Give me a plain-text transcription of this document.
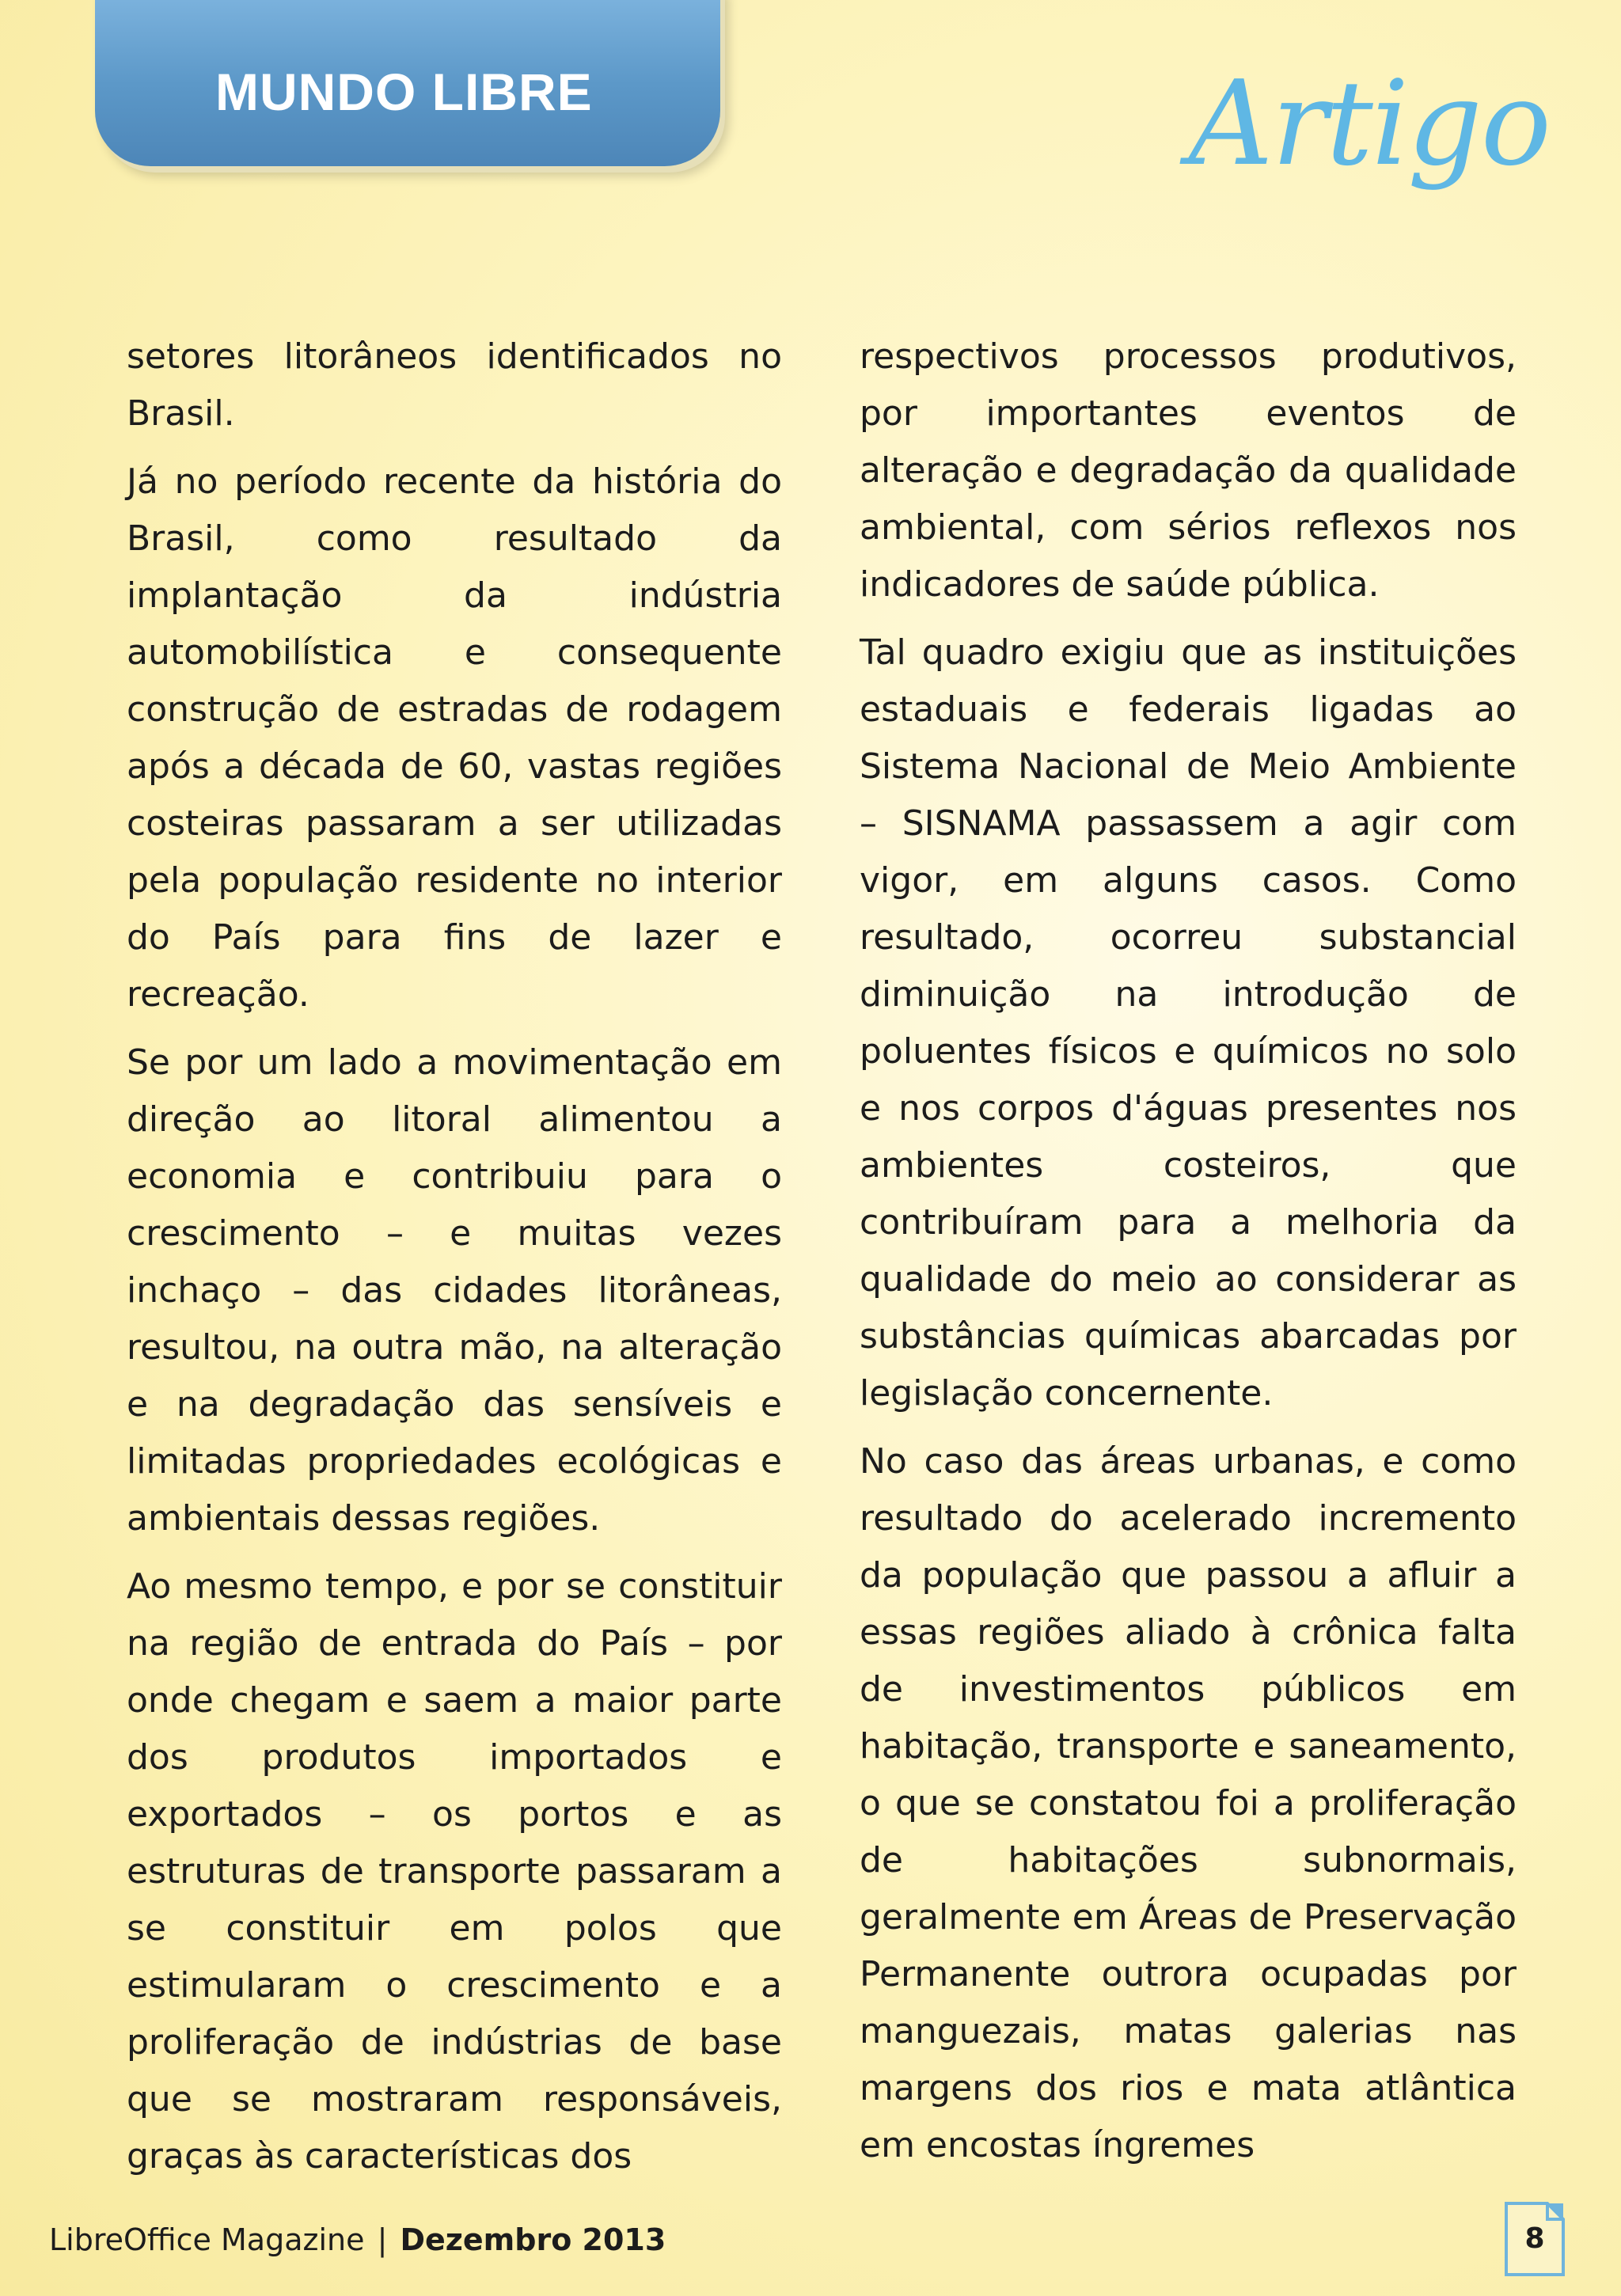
MUNDO LIBRE	Artigo

setores litorâneos identificados no Brasil.

Já no período recente da história do Brasil, como resultado da implantação da indústria automobilística e consequente construção de estradas de rodagem após a década de 60, vastas regiões costeiras passaram a ser utilizadas pela população residente no interior do País para fins de lazer e recreação.

Se por um lado a movimentação em direção ao litoral alimentou a economia e contribuiu para o crescimento – e muitas vezes inchaço – das cidades litorâneas, resultou, na outra mão, na alteração e na degradação das sensíveis e limitadas propriedades ecológicas e ambientais dessas regiões.

Ao mesmo tempo, e por se constituir na região de entrada do País – por onde chegam e saem a maior parte dos produtos importados e exportados – os portos e as estruturas de transporte passaram a se constituir em polos que estimularam o crescimento e a proliferação de indústrias de base que se mostraram responsáveis, graças às características dos

respectivos processos produtivos, por importantes eventos de alteração e degradação da qualidade ambiental, com sérios reflexos nos indicadores de saúde pública.

Tal quadro exigiu que as instituições estaduais e federais ligadas ao Sistema Nacional de Meio Ambiente – SISNAMA passassem a agir com vigor, em alguns casos. Como resultado, ocorreu substancial diminuição na introdução de poluentes físicos e químicos no solo e nos corpos d'águas presentes nos ambientes costeiros, que contribuíram para a melhoria da qualidade do meio ao considerar as substâncias químicas abarcadas por legislação concernente.

No caso das áreas urbanas, e como resultado do acelerado incremento da população que passou a afluir a essas regiões aliado à crônica falta de investimentos públicos em habitação, transporte e saneamento, o que se constatou foi a proliferação de habitações subnormais, geralmente em Áreas de Preservação Permanente outrora ocupadas por manguezais, matas galerias nas margens dos rios e mata atlântica em encostas íngremes

LibreOffice Magazine | Dezembro 2013	8
